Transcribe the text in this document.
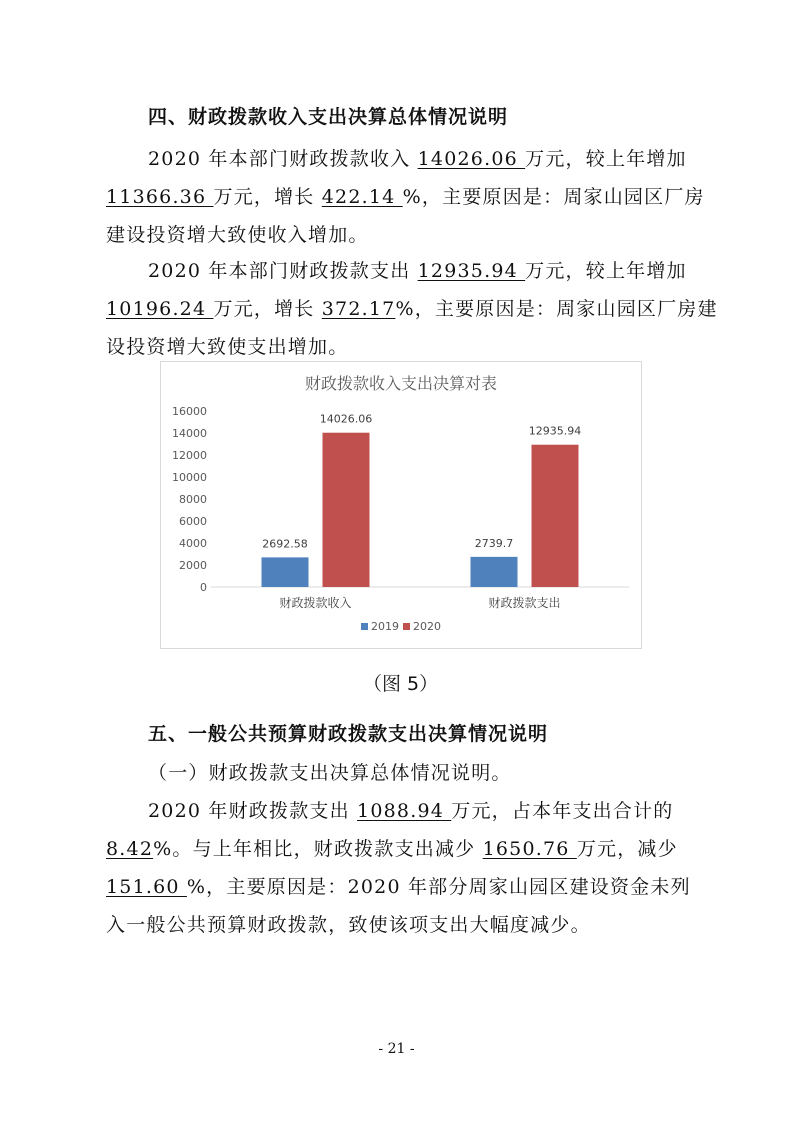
四、财政拨款收入支出决算总体情况说明
2020 年本部门财政拨款收入 14026.06 万元，较上年增加
11366.36 万元，增长 422.14 %，主要原因是：周家山园区厂房
建设投资增大致使收入增加。
2020 年本部门财政拨款支出 12935.94 万元，较上年增加
10196.24 万元，增长 372.17%，主要原因是：周家山园区厂房建
设投资增大致使支出增加。
财政拨款收入支出决算对表
0
2000
4000
6000
8000
10000
12000
14000
16000
2692.58
14026.06
财政拨款收入
2739.7
12935.94
财政拨款支出
2019 2020
（图 5）
五、一般公共预算财政拨款支出决算情况说明
（一）财政拨款支出决算总体情况说明。
2020 年财政拨款支出 1088.94 万元，占本年支出合计的
8.42%。与上年相比，财政拨款支出减少 1650.76 万元，减少
151.60 %，主要原因是：2020 年部分周家山园区建设资金未列
入一般公共预算财政拨款，致使该项支出大幅度减少。
- 21 -
